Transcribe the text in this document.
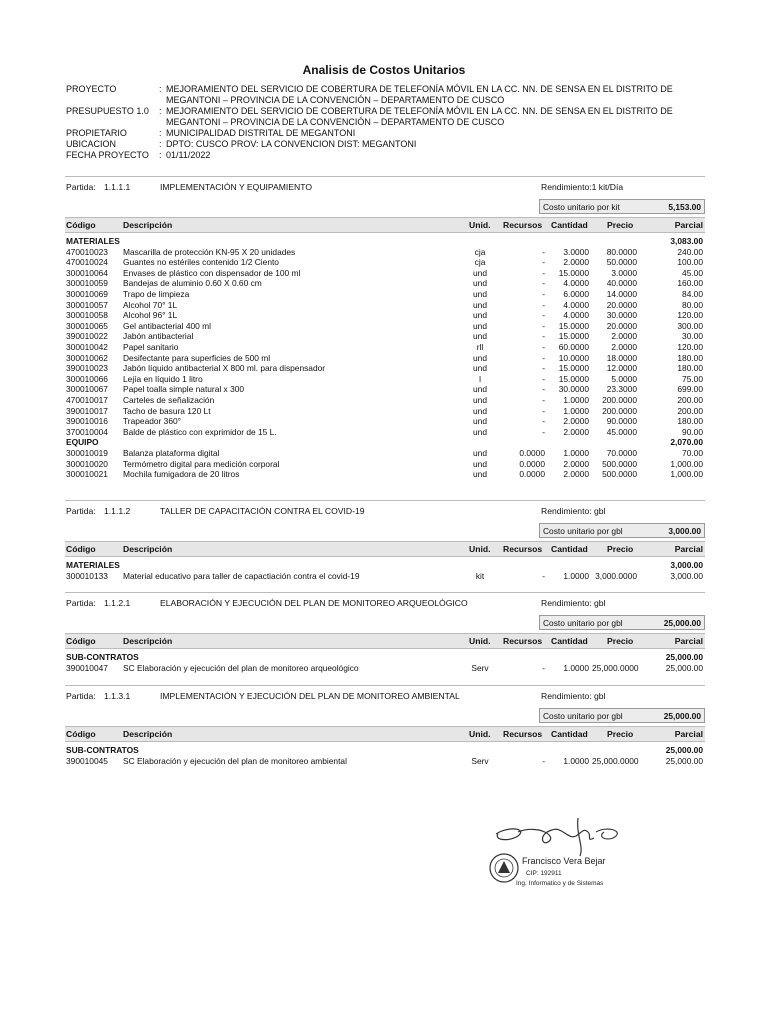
Analisis de Costos Unitarios
PROYECTO	: MEJORAMIENTO DEL SERVICIO DE COBERTURA DE TELEFONÍA MÓVIL EN LA CC. NN. DE SENSA EN EL DISTRITO DE MEGANTONI – PROVINCIA DE LA CONVENCIÓN – DEPARTAMENTO DE CUSCO
PRESUPUESTO 1.0 : MEJORAMIENTO DEL SERVICIO DE COBERTURA DE TELEFONÍA MÓVIL EN LA CC. NN. DE SENSA EN EL DISTRITO DE MEGANTONI – PROVINCIA DE LA CONVENCIÓN – DEPARTAMENTO DE CUSCO
PROPIETARIO	: MUNICIPALIDAD DISTRITAL DE MEGANTONI
UBICACION	: DPTO: CUSCO PROV: LA CONVENCION DIST: MEGANTONI
FECHA PROYECTO : 01/11/2022
Partida: 1.1.1.1	IMPLEMENTACIÓN Y EQUIPAMIENTO	Rendimiento:1 kit/Día
Costo unitario por kit	5,153.00
Código	Descripción	Unid. Recursos Cantidad Precio	Parcial
MATERIALES	3,083.00
470010023 Mascarilla de protección KN-95 X 20 unidades	cja	-	3.0000	80.0000	240.00
470010024 Guantes no estériles contenido 1/2 Ciento	cja	-	2.0000	50.0000	100.00
300010064 Envases de plástico con dispensador de 100 ml	und	-	15.0000	3.0000	45.00
300010059 Bandejas de aluminio 0.60 X 0.60 cm	und	-	4.0000	40.0000	160.00
300010069 Trapo de limpieza	und	-	6.0000	14.0000	84.00
300010057 Alcohol 70° 1L	und	-	4.0000	20.0000	80.00
300010058 Alcohol 96° 1L	und	-	4.0000	30.0000	120.00
300010065 Gel antibacterial 400 ml	und	-	15.0000	20.0000	300.00
390010022 Jabón antibacterial	und	-	15.0000	2.0000	30.00
300010042 Papel sanitario	rll	-	60.0000	2.0000	120.00
300010062 Desifectante para superficies de 500 ml	und	-	10.0000	18.0000	180.00
390010023 Jabón líquido antibacterial X 800 ml. para dispensador	und	-	15.0000	12.0000	180.00
300010066 Lejía en líquido 1 litro	l	-	15.0000	5.0000	75.00
300010067 Papel toalla simple natural x 300	und	-	30.0000	23.3000	699.00
470010017 Carteles de señalización	und	-	1.0000	200.0000	200.00
390010017 Tacho de basura 120 Lt	und	-	1.0000	200.0000	200.00
390010016 Trapeador 360°	und	-	2.0000	90.0000	180.00
370010004 Balde de plástico con exprimidor de 15 L.	und	-	2.0000	45.0000	90.00
EQUIPO	2,070.00
300010019 Balanza plataforma digital	und	0.0000	1.0000	70.0000	70.00
300010020 Termómetro digital para medición corporal	und	0.0000	2.0000	500.0000	1,000.00
300010021 Mochila fumigadora de 20 litros	und	0.0000	2.0000	500.0000	1,000.00
Partida: 1.1.1.2	TALLER DE CAPACITACIÓN CONTRA EL COVID-19	Rendimiento: gbl
Costo unitario por gbl	3,000.00
Código	Descripción	Unid. Recursos Cantidad Precio	Parcial
MATERIALES	3,000.00
300010133 Material educativo para taller de capactiación contra el covid-19	kit	-	1.0000 3,000.0000	3,000.00
Partida: 1.1.2.1	ELABORACIÓN Y EJECUCIÓN DEL PLAN DE MONITOREO ARQUEOLÓGICO	Rendimiento: gbl
Costo unitario por gbl	25,000.00
Código	Descripción	Unid. Recursos Cantidad Precio	Parcial
SUB-CONTRATOS	25,000.00
390010047 SC Elaboración y ejecución del plan de monitoreo arqueológico	Serv	-	1.0000 25,000.0000	25,000.00
Partida: 1.1.3.1	IMPLEMENTACIÓN Y EJECUCIÓN DEL PLAN DE MONITOREO AMBIENTAL	Rendimiento: gbl
Costo unitario por gbl	25,000.00
Código	Descripción	Unid. Recursos Cantidad Precio	Parcial
SUB-CONTRATOS	25,000.00
390010045 SC Elaboración y ejecución del plan de monitoreo ambiental	Serv	-	1.0000 25,000.0000	25,000.00
Francisco Vera Bejar
CIP: 192911
Ing. Informatico y de Sistemas
